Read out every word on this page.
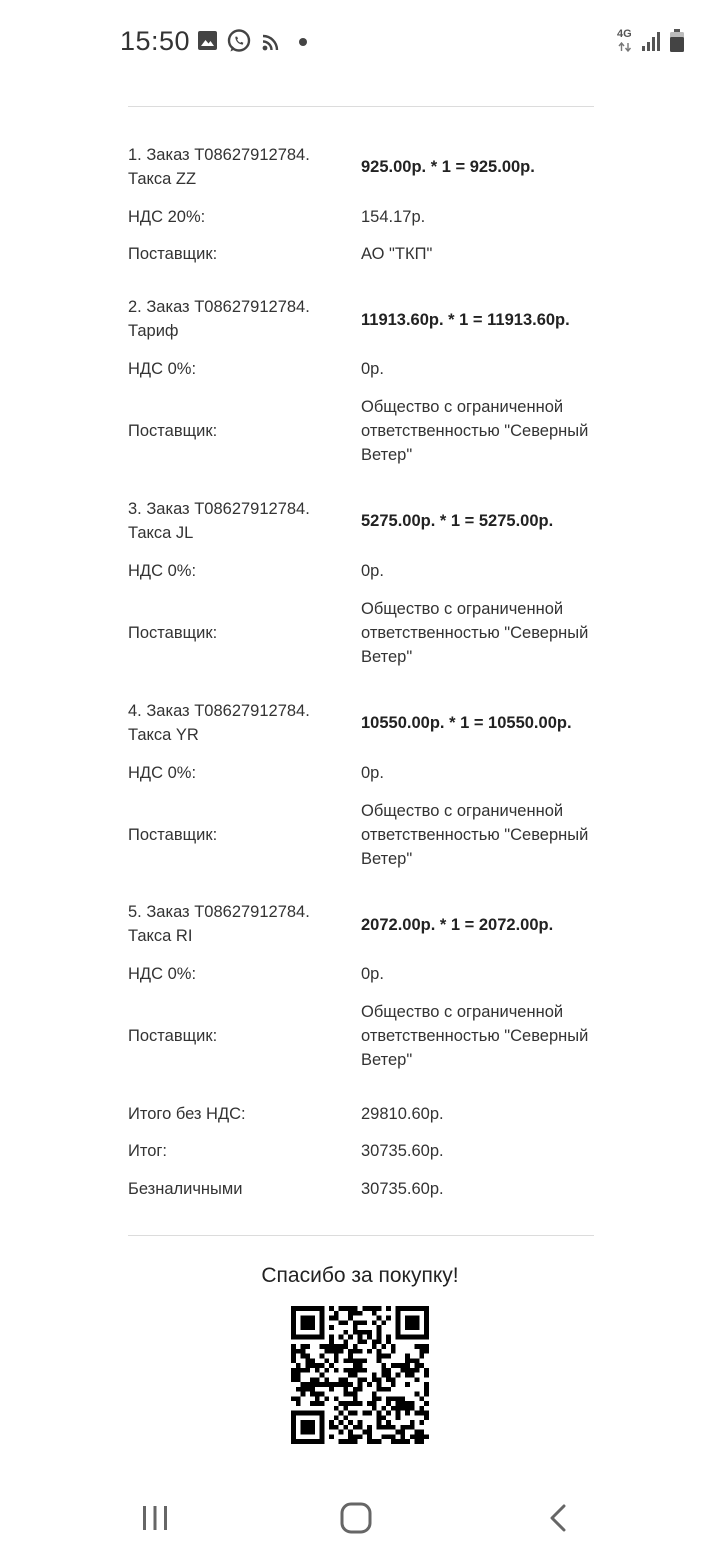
15:50	4G
1. Заказ T08627912784. Такса ZZ
925.00р. * 1 = 925.00р.
НДС 20%:	154.17р.
Поставщик:	АО "ТКП"
2. Заказ T08627912784. Тариф
11913.60р. * 1 = 11913.60р.
НДС 0%:	0р.
Поставщик:
Общество с ограниченной ответственностью "Северный Ветер"
3. Заказ T08627912784. Такса JL
5275.00р. * 1 = 5275.00р.
НДС 0%:	0р.
Поставщик:
Общество с ограниченной ответственностью "Северный Ветер"
4. Заказ T08627912784. Такса YR
10550.00р. * 1 = 10550.00р.
НДС 0%:	0р.
Поставщик:
Общество с ограниченной ответственностью "Северный Ветер"
5. Заказ T08627912784. Такса RI
2072.00р. * 1 = 2072.00р.
НДС 0%:	0р.
Поставщик:
Общество с ограниченной ответственностью "Северный Ветер"
Итого без НДС:	29810.60р.
Итог:	30735.60р.
Безналичными	30735.60р.
Спасибо за покупку!
